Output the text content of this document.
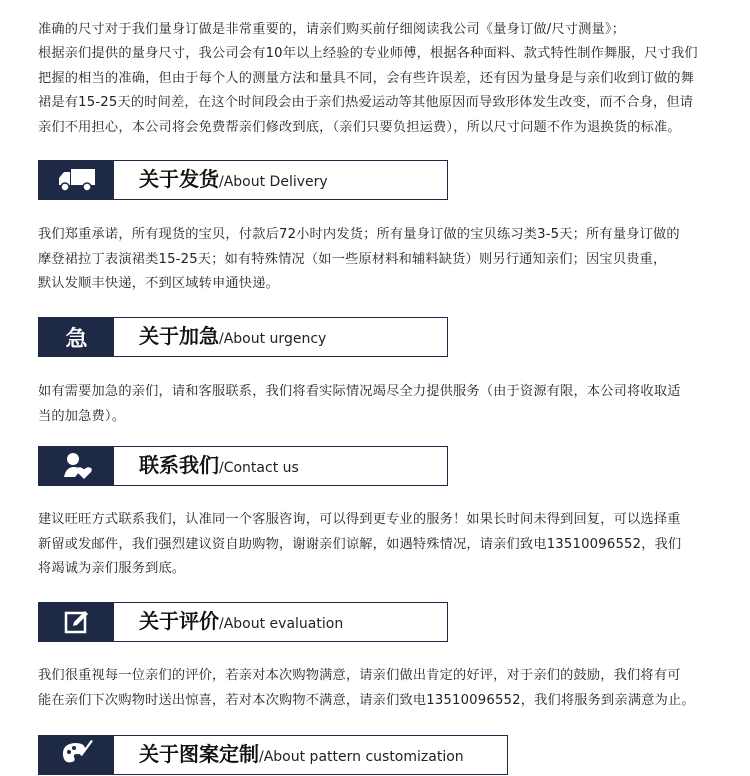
准确的尺寸对于我们量身订做是非常重要的，请亲们购买前仔细阅读我公司《量身订做/尺寸测量》；

根据亲们提供的量身尺寸，我公司会有10年以上经验的专业师傅，根据各种面料、款式特性制作舞服，尺寸我们
把握的相当的准确，但由于每个人的测量方法和量具不同，会有些许误差，还有因为量身是与亲们收到订做的舞
裙是有15-25天的时间差，在这个时间段会由于亲们热爱运动等其他原因而导致形体发生改变，而不合身，但请
亲们不用担心，本公司将会免费帮亲们修改到底，（亲们只要负担运费），所以尺寸问题不作为退换货的标准。

关于发货/About Delivery

我们郑重承诺，所有现货的宝贝，付款后72小时内发货；所有量身订做的宝贝练习类3-5天；所有量身订做的
摩登裙拉丁表演裙类15-25天；如有特殊情况（如一些原材料和辅料缺货）则另行通知亲们；因宝贝贵重，
默认发顺丰快递，不到区域转申通快递。

急	关于加急/About urgency

如有需要加急的亲们，请和客服联系，我们将看实际情况竭尽全力提供服务（由于资源有限，本公司将收取适
当的加急费）。

联系我们/Contact us

建议旺旺方式联系我们，认准同一个客服咨询，可以得到更专业的服务！如果长时间未得到回复，可以选择重
新留或发邮件，我们强烈建议资自助购物，谢谢亲们谅解，如遇特殊情况，请亲们致电13510096552，我们
将竭诚为亲们服务到底。

关于评价/About evaluation

我们很重视每一位亲们的评价，若亲对本次购物满意，请亲们做出肯定的好评，对于亲们的鼓励，我们将有可
能在亲们下次购物时送出惊喜，若对本次购物不满意，请亲们致电13510096552，我们将服务到亲满意为止。

关于图案定制/About pattern customization
